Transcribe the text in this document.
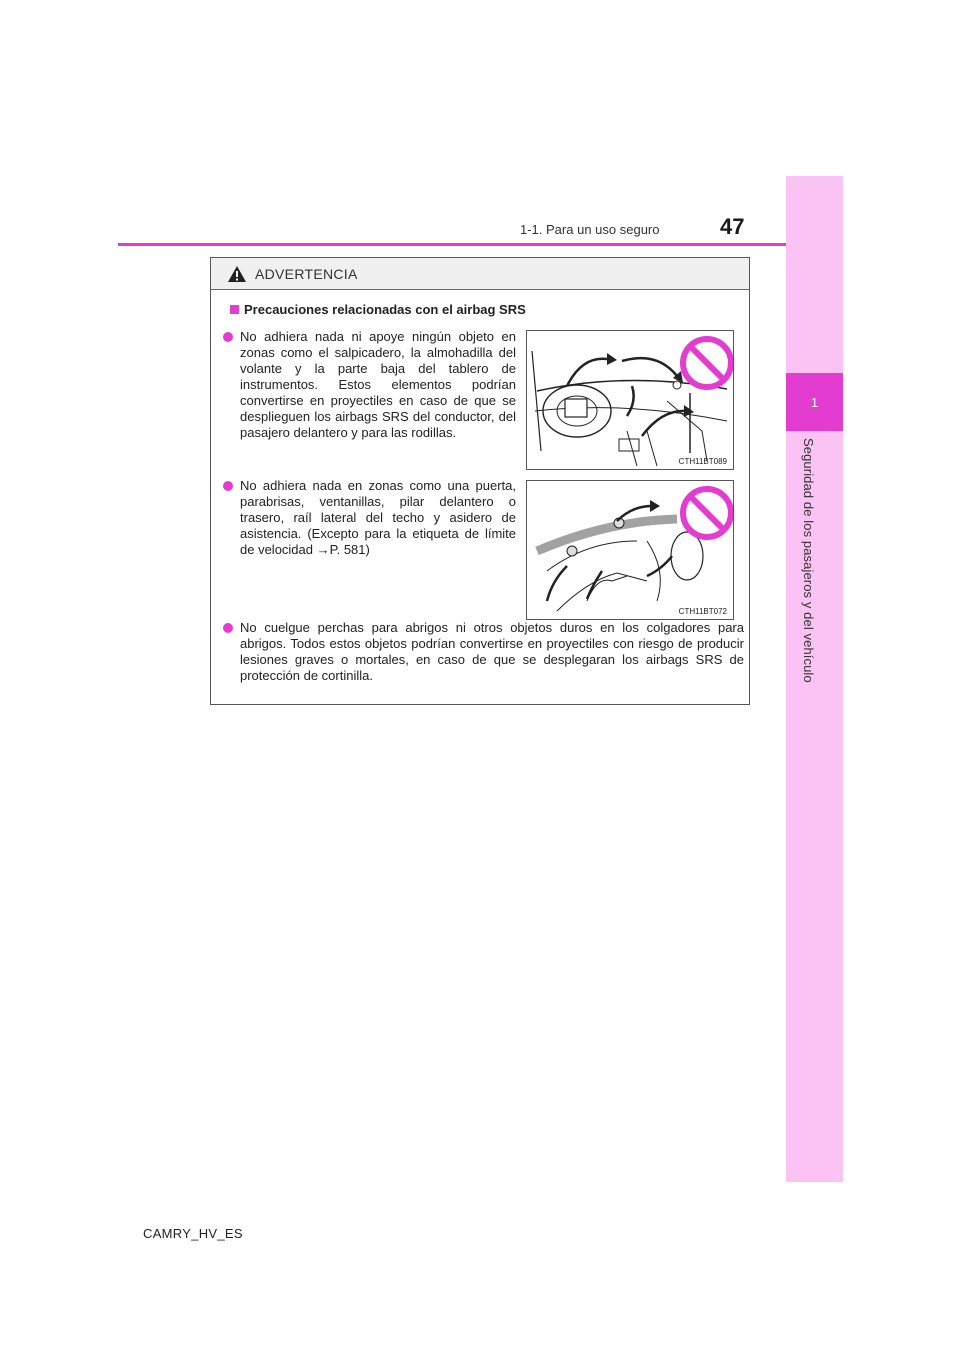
1
Seguridad de los pasajeros y del vehículo
47
1-1. Para un uso seguro
ADVERTENCIA
Precauciones relacionadas con el airbag SRS
No adhiera nada ni apoye ningún objeto en zonas como el salpicadero, la almohadilla del volante y la parte baja del tablero de instrumentos. Estos elementos podrían convertirse en proyectiles en caso de que se desplieguen los airbags SRS del conductor, del pasajero delantero y para las rodillas.
CTH11BT089
No adhiera nada en zonas como una puerta, parabrisas, ventanillas, pilar delantero o trasero, raíl lateral del techo y asidero de asistencia. (Excepto para la etiqueta de límite de velocidad →P. 581)
CTH11BT072
No cuelgue perchas para abrigos ni otros objetos duros en los colgadores para abrigos. Todos estos objetos podrían convertirse en proyectiles con riesgo de producir lesiones graves o mortales, en caso de que se desplegaran los airbags SRS de protección de cortinilla.
CAMRY_HV_ES
